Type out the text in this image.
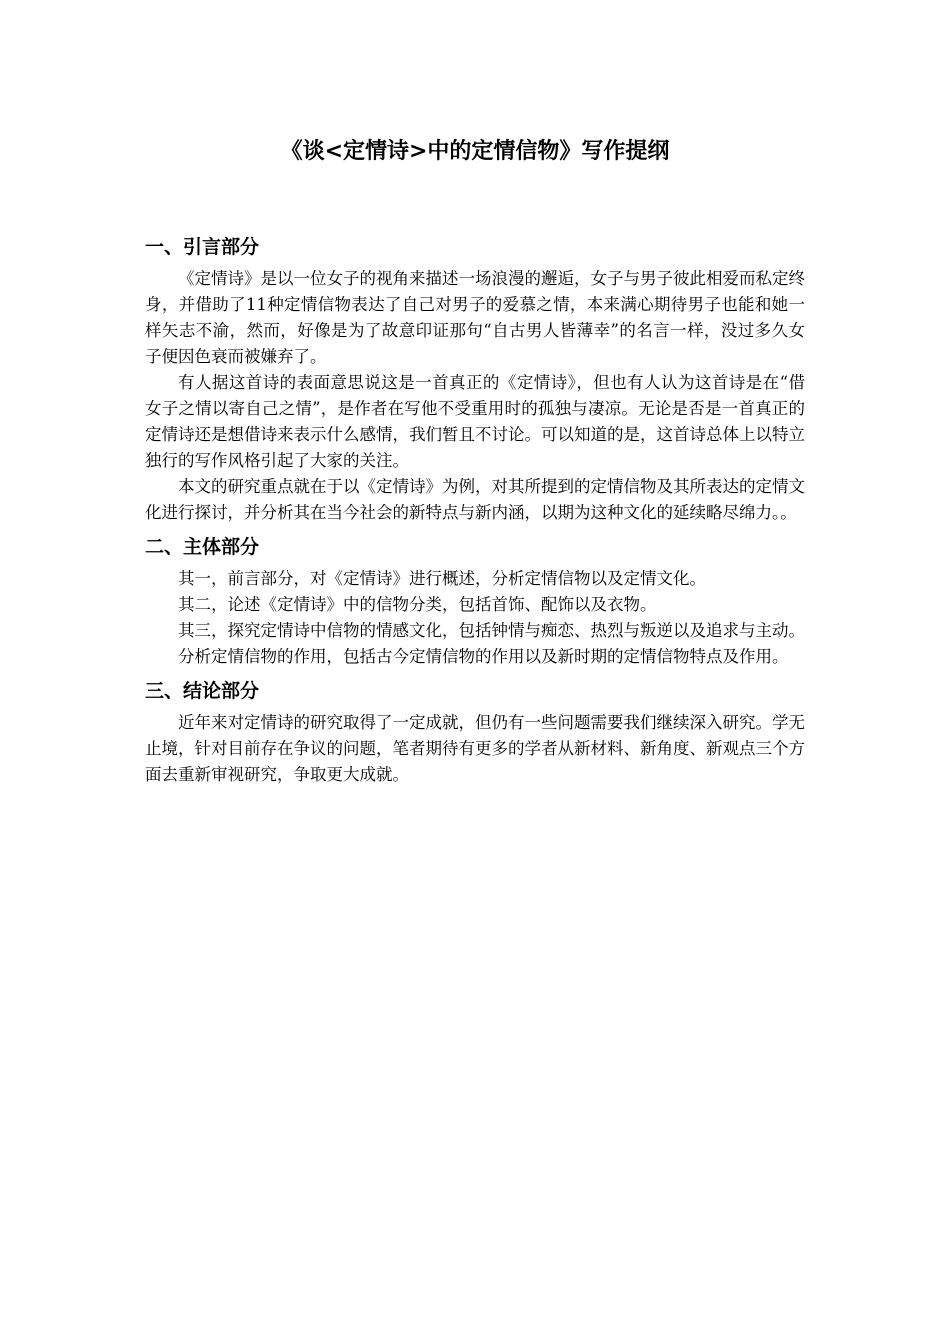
《谈<定情诗>中的定情信物》写作提纲
一、引言部分

《定情诗》是以一位女子的视角来描述一场浪漫的邂逅，女子与男子彼此相爱而私定终身，并借助了11种定情信物表达了自己对男子的爱慕之情，本来满心期待男子也能和她一样矢志不渝，然而，好像是为了故意印证那句“自古男人皆薄幸”的名言一样，没过多久女子便因色衰而被嫌弃了。

有人据这首诗的表面意思说这是一首真正的《定情诗》，但也有人认为这首诗是在“借女子之情以寄自己之情”，是作者在写他不受重用时的孤独与凄凉。无论是否是一首真正的定情诗还是想借诗来表示什么感情，我们暂且不讨论。可以知道的是，这首诗总体上以特立独行的写作风格引起了大家的关注。

本文的研究重点就在于以《定情诗》为例，对其所提到的定情信物及其所表达的定情文化进行探讨，并分析其在当今社会的新特点与新内涵，以期为这种文化的延续略尽绵力。。

二、主体部分

其一，前言部分，对《定情诗》进行概述，分析定情信物以及定情文化。

其二，论述《定情诗》中的信物分类，包括首饰、配饰以及衣物。

其三，探究定情诗中信物的情感文化，包括钟情与痴恋、热烈与叛逆以及追求与主动。

分析定情信物的作用，包括古今定情信物的作用以及新时期的定情信物特点及作用。

三、结论部分

近年来对定情诗的研究取得了一定成就，但仍有一些问题需要我们继续深入研究。学无止境，针对目前存在争议的问题，笔者期待有更多的学者从新材料、新角度、新观点三个方面去重新审视研究，争取更大成就。
